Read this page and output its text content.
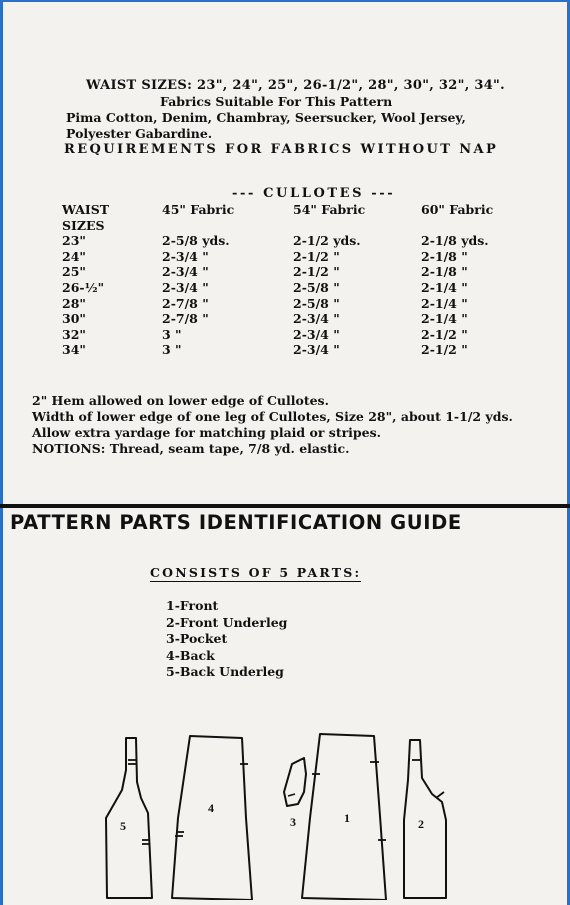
WAIST SIZES: 23", 24", 25", 26-1/2", 28", 30", 32", 34".
Fabrics Suitable For This Pattern
Pima Cotton, Denim, Chambray, Seersucker, Wool Jersey, Polyester Gabardine.
REQUIREMENTS FOR FABRICS WITHOUT NAP
--- CULLOTES ---
WAIST	45" Fabric	54" Fabric	60" Fabric
SIZES			
23"	2-5/8 yds.	2-1/2 yds.	2-1/8 yds.
24"	2-3/4 "	2-1/2 "	2-1/8 "
25"	2-3/4 "	2-1/2 "	2-1/8 "
26-½"	2-3/4 "	2-5/8 "	2-1/4 "
28"	2-7/8 "	2-5/8 "	2-1/4 "
30"	2-7/8 "	2-3/4 "	2-1/4 "
32"	3 "	2-3/4 "	2-1/2 "
34"	3 "	2-3/4 "	2-1/2 "
2" Hem allowed on lower edge of Cullotes.
Width of lower edge of one leg of Cullotes, Size 28", about 1-1/2 yds.
Allow extra yardage for matching plaid or stripes.
NOTIONS: Thread, seam tape, 7/8 yd. elastic.
PATTERN PARTS IDENTIFICATION GUIDE
CONSISTS OF 5 PARTS:
1-Front
2-Front Underleg
3-Pocket
4-Back
5-Back Underleg
5
4
3	1	2
